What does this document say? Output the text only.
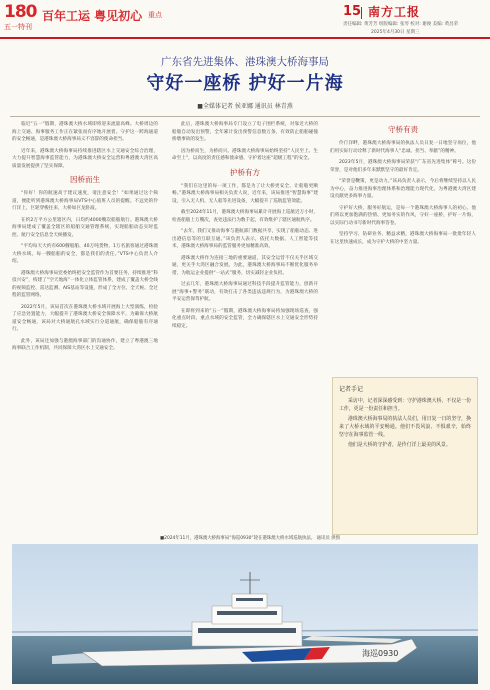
180
五一特刊
百年工运 粤见初心 重点	15 南方工报
责任编辑: 黄芳芳 组版编辑: 张琴 校对: 谢俊 美编: 黄昌荣
2025年4月30日 星期三
广东省先进集体、港珠澳大桥海事局
守好一座桥 护好一片海
■全媒体记者 侯亚娜 通讯员 林青燕

临近“五一”假期，港珠澳大桥水域即将迎来流量高峰。大桥周边的海上交通、海事服务工作正在紧张而有序地开展着。守护这一跨海通道的安全畅通，是港珠澳大桥海事局义不容辞的使命担当。

近年来，港珠澳大桥海事局持续推进辖区水上交通安全综合治理，大力提升智慧海事监管能力，为港珠澳大桥安全运营和粤港澳大湾区高质量发展提供了坚实保障。

因桥而生

“你好！你的航速高于建议速度，请注意安全！”如果通过这个频道，便能听到港珠澳大桥海事局VTS中心值班人员的提醒。不远处的伶仃洋上，巨轮穿梭往来，大桥如巨龙卧波。

在约2万平方公里辖区内，日均约4000艘次船舶航行。港珠澳大桥海事局建成了覆盖全辖区的船舶交通管理系统，实现船舶动态实时监控、航行安全信息全天候播发。

“平均每天大约有600艘船舶、40万吨货物、1万名旅客通过港珠澳大桥水域。每一艘船舶的安全，都是我们的责任。”VTS中心负责人介绍。

港珠澳大桥海事局党委始终把安全监管作为首要任务，持续推进“科技兴安”，构建了“空天地海”一体化立体监管体系，建成了覆盖大桥全线的视频监控、雷达监测、AIS基站等设施，形成了全方位、全天候、全过程的监管网络。

2022年5月，该局首次在港珠澳大桥水域开展海上大型演练，检验了应急处置能力，大幅提升了港珠澳大桥安全保障水平。为确保大桥航道安全畅通，该局对大桥通航孔水域实行分道通航，确保船舶有序通行。

此外，该局还加强与港澳海事部门的沟通协作，建立了粤港澳三地海事联合工作机制，共同保障大湾区水上交通安全。

此后，港珠澳大桥海事局专门设立了电子围栏系统，对靠近大桥的船舶自动发出预警，全年累计发出预警信息数万条，有效防止船舶碰撞桥墩事故的发生。

因为桥而生，为桥而兴。港珠澳大桥海事局始终坚持“人民至上、生命至上”，以高度的责任感和使命感，守护着这座“超级工程”的安全。

护桥有方

“我们在这里的每一项工作，都是为了让大桥更安全、让船舶更顺畅。”港珠澳大桥海事局相关负责人说，近年来，该局推进“智慧海事”建设，引入无人机、无人船等先进设备，大幅提升了巡航监管效能。

截至2024年11月，港珠澳大桥海事局累计开展海上巡航近万小时，检查船舶上万艘次，查处违法行为数千起，有效维护了辖区通航秩序。

“去年，我们又推动海事与港航部门数据共享，实现了船舶动态、进出港信息等的互联互通。”该负责人表示，依托大数据、人工智能等技术，港珠澳大桥海事局的监管服务更加精准高效。

港珠澳大桥作为连接三地的重要通道，其安全运营不仅关乎区域交通，更关乎大湾区融合发展。为此，港珠澳大桥海事局不断优化服务举措，为航运企业提供“一站式”服务，切实减轻企业负担。

过去几年，港珠澳大桥海事局通过科技手段提升监管能力，创新开展“海事+警务”联动，有效打击了各类违法违规行为，为港珠澳大桥的平安运营保驾护航。

在即将到来的“五一”假期，港珠澳大桥海事局将加强现场巡查，强化重点时段、重点水域的安全监管，全力确保辖区水上交通安全形势持续稳定。

守桥有责

伶仃洋畔，港珠澳大桥海事局的执法人员日复一日地坚守岗位，他们用实际行动诠释了新时代海事人“忠诚、担当、奉献”的精神。

2023年5月，港珠澳大桥海事局荣获“广东省先进集体”称号。这份荣誉，是对他们多年来默默坚守的最好肯定。

“荣誉是鞭策，更是动力。”该局负责人表示，今后将继续坚持以人民为中心，奋力推进海事治理体系和治理能力现代化，为粤港澳大湾区建设贡献更多海事力量。

守护好大桥，服务好航运，是每一个港珠澳大桥海事人的初心。他们将以更加饱满的热情、更加务实的作风，守好一座桥，护好一片海，以实际行动书写新时代海事答卷。

坚持学习、钻研业务、精益求精，港珠澳大桥海事局一批批年轻人在这里快速成长，成为守护大桥的中坚力量。

记者手记

采访中，记者深深感受到：守护港珠澳大桥，不仅是一份工作，更是一份责任和担当。

港珠澳大桥海事局的执法人员们，用日复一日的坚守，换来了大桥水域的平安畅通。他们不畏风浪、不惧艰辛，始终坚守在海事监管一线。

他们是大桥的守护者，是伶仃洋上最美的风景。

■2024年11月，港珠澳大桥海事局“海巡0930”轮在港珠澳大桥水域巡航执法。 通讯员 供图
海巡0930
